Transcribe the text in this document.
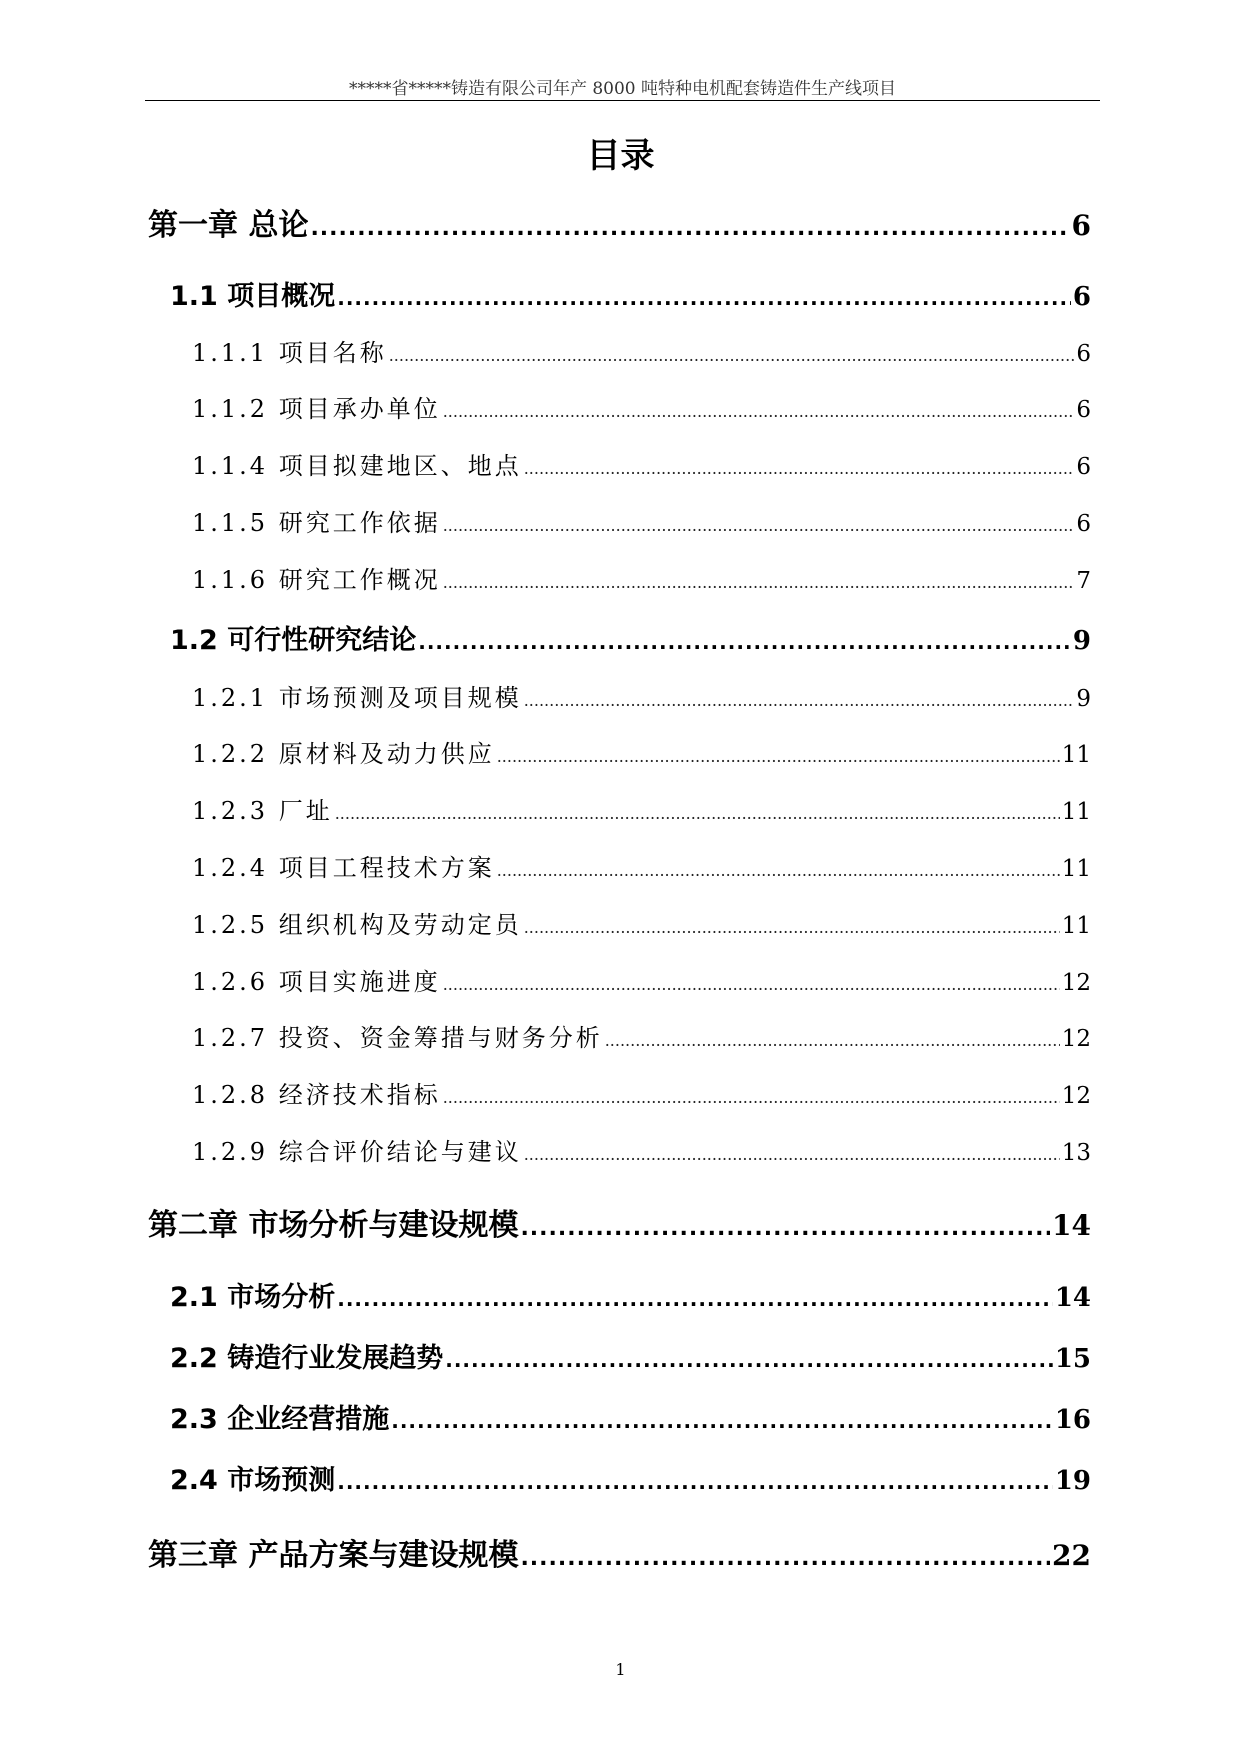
*****省*****铸造有限公司年产 8000 吨特种电机配套铸造件生产线项目
目录
第一章 总论 .....	6
1.1 项目概况 .....	6
1.1.1 项目名称 .....	6
1.1.2 项目承办单位 .....	6
1.1.4 项目拟建地区、地点 .....	6
1.1.5 研究工作依据 .....	6
1.1.6 研究工作概况 .....	7
1.2 可行性研究结论 .....	9
1.2.1 市场预测及项目规模 .....	9
1.2.2 原材料及动力供应 .....	11
1.2.3 厂址 .....	11
1.2.4 项目工程技术方案 .....	11
1.2.5 组织机构及劳动定员 .....	11
1.2.6 项目实施进度 .....	12
1.2.7 投资、资金筹措与财务分析 .....	12
1.2.8 经济技术指标 .....	12
1.2.9 综合评价结论与建议 .....	13
第二章 市场分析与建设规模 .....	14
2.1 市场分析 .....	14
2.2 铸造行业发展趋势 .....	15
2.3 企业经营措施 .....	16
2.4 市场预测 .....	19
第三章 产品方案与建设规模 .....	22
1
